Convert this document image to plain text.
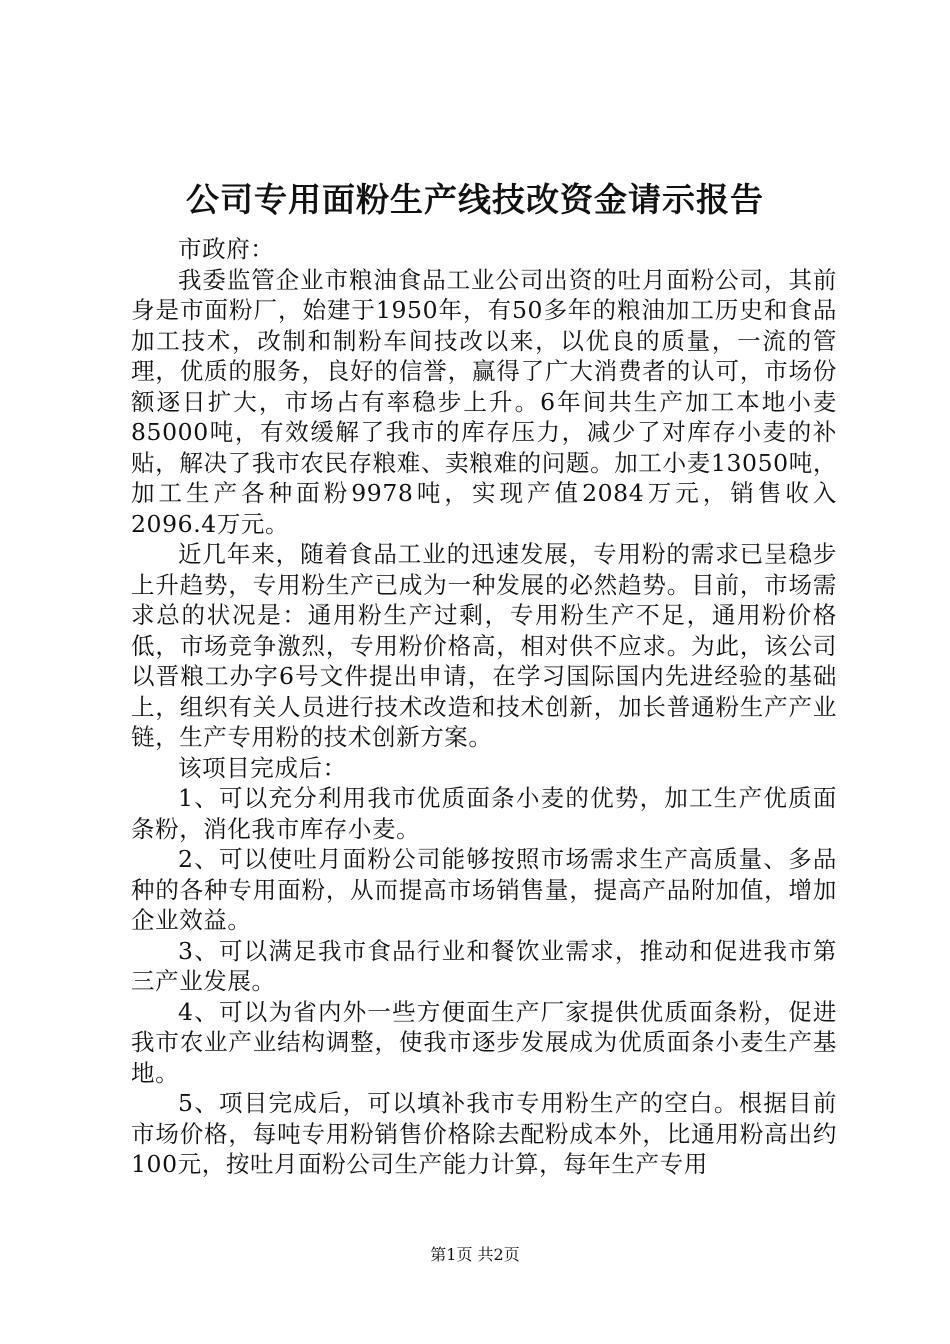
公司专用面粉生产线技改资金请示报告

市政府：

我委监管企业市粮油食品工业公司出资的吐月面粉公司，其前身是市面粉厂，始建于1950年，有50多年的粮油加工历史和食品加工技术，改制和制粉车间技改以来，以优良的质量，一流的管理，优质的服务，良好的信誉，赢得了广大消费者的认可，市场份额逐日扩大，市场占有率稳步上升。6年间共生产加工本地小麦85000吨，有效缓解了我市的库存压力，减少了对库存小麦的补贴，解决了我市农民存粮难、卖粮难的问题。加工小麦13050吨，加工生产各种面粉9978吨，实现产值2084万元，销售收入2096.4万元。

近几年来，随着食品工业的迅速发展，专用粉的需求已呈稳步上升趋势，专用粉生产已成为一种发展的必然趋势。目前，市场需求总的状况是：通用粉生产过剩，专用粉生产不足，通用粉价格低，市场竞争激烈，专用粉价格高，相对供不应求。为此，该公司以晋粮工办字6号文件提出申请，在学习国际国内先进经验的基础上，组织有关人员进行技术改造和技术创新，加长普通粉生产产业链，生产专用粉的技术创新方案。

该项目完成后：

1、可以充分利用我市优质面条小麦的优势，加工生产优质面条粉，消化我市库存小麦。

2、可以使吐月面粉公司能够按照市场需求生产高质量、多品种的各种专用面粉，从而提高市场销售量，提高产品附加值，增加企业效益。

3、可以满足我市食品行业和餐饮业需求，推动和促进我市第三产业发展。

4、可以为省内外一些方便面生产厂家提供优质面条粉，促进我市农业产业结构调整，使我市逐步发展成为优质面条小麦生产基地。

5、项目完成后，可以填补我市专用粉生产的空白。根据目前市场价格，每吨专用粉销售价格除去配粉成本外，比通用粉高出约100元，按吐月面粉公司生产能力计算，每年生产专用

第1页 共2页
